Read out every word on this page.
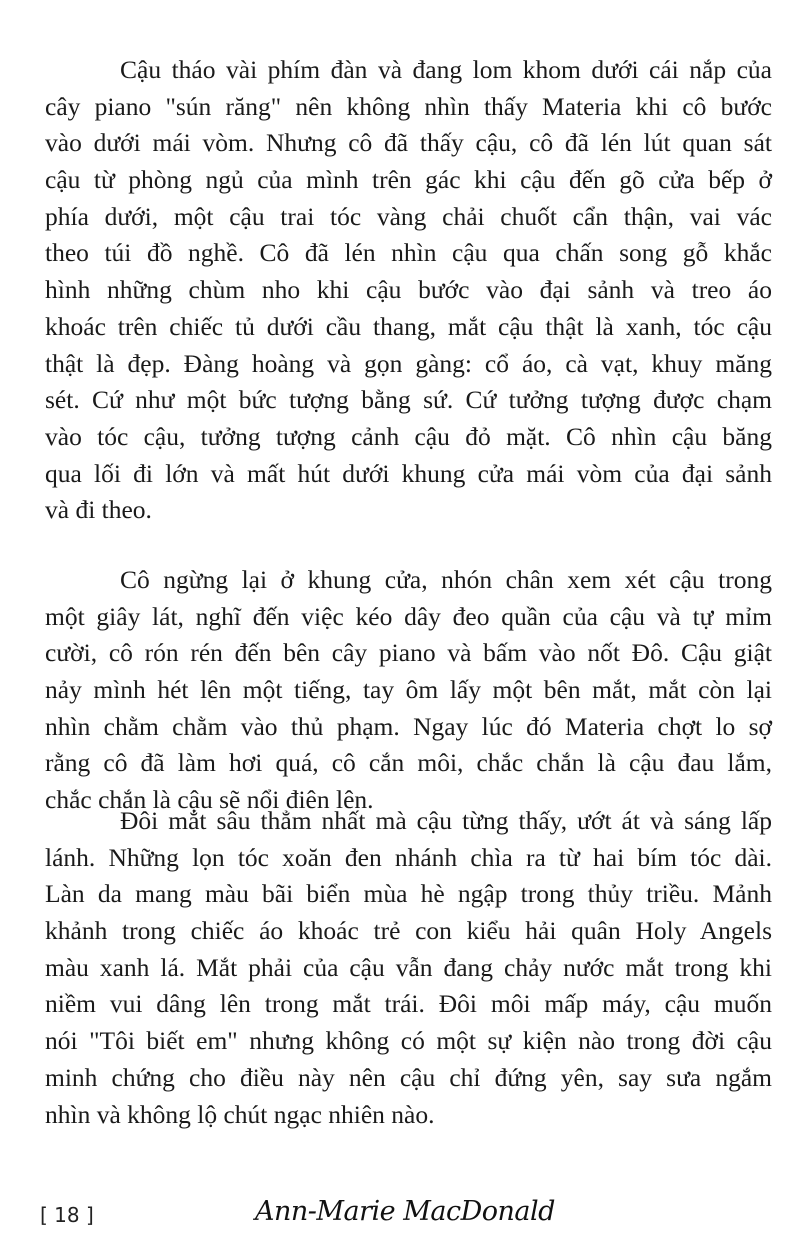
Cậu tháo vài phím đàn và đang lom khom dưới cái nắp của
cây piano "sún răng" nên không nhìn thấy Materia khi cô bước
vào dưới mái vòm. Nhưng cô đã thấy cậu, cô đã lén lút quan sát
cậu từ phòng ngủ của mình trên gác khi cậu đến gõ cửa bếp ở
phía dưới, một cậu trai tóc vàng chải chuốt cẩn thận, vai vác
theo túi đồ nghề. Cô đã lén nhìn cậu qua chấn song gỗ khắc
hình những chùm nho khi cậu bước vào đại sảnh và treo áo
khoác trên chiếc tủ dưới cầu thang, mắt cậu thật là xanh, tóc cậu
thật là đẹp. Đàng hoàng và gọn gàng: cổ áo, cà vạt, khuy măng
sét. Cứ như một bức tượng bằng sứ. Cứ tưởng tượng được chạm
vào tóc cậu, tưởng tượng cảnh cậu đỏ mặt. Cô nhìn cậu băng
qua lối đi lớn và mất hút dưới khung cửa mái vòm của đại sảnh
và đi theo.
Cô ngừng lại ở khung cửa, nhón chân xem xét cậu trong
một giây lát, nghĩ đến việc kéo dây đeo quần của cậu và tự mỉm
cười, cô rón rén đến bên cây piano và bấm vào nốt Đô. Cậu giật
nảy mình hét lên một tiếng, tay ôm lấy một bên mắt, mắt còn lại
nhìn chằm chằm vào thủ phạm. Ngay lúc đó Materia chợt lo sợ
rằng cô đã làm hơi quá, cô cắn môi, chắc chắn là cậu đau lắm,
chắc chắn là cậu sẽ nổi điên lên.
Đôi mắt sâu thẳm nhất mà cậu từng thấy, ướt át và sáng lấp
lánh. Những lọn tóc xoăn đen nhánh chìa ra từ hai bím tóc dài.
Làn da mang màu bãi biển mùa hè ngập trong thủy triều. Mảnh
khảnh trong chiếc áo khoác trẻ con kiểu hải quân Holy Angels
màu xanh lá. Mắt phải của cậu vẫn đang chảy nước mắt trong khi
niềm vui dâng lên trong mắt trái. Đôi môi mấp máy, cậu muốn
nói "Tôi biết em" nhưng không có một sự kiện nào trong đời cậu
minh chứng cho điều này nên cậu chỉ đứng yên, say sưa ngắm
nhìn và không lộ chút ngạc nhiên nào.
[ 18 ]	Ann-Marie MacDonald
